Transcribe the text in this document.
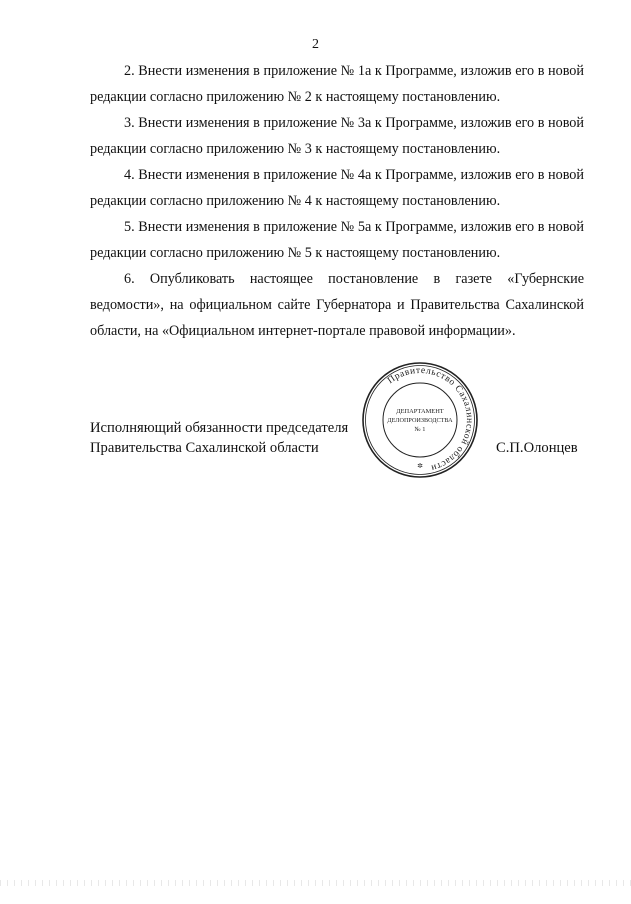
2

2. Внести изменения в приложение № 1а к Программе, изложив его в новой редакции согласно приложению № 2 к настоящему постановлению.

3. Внести изменения в приложение № 3а к Программе, изложив его в новой редакции согласно приложению № 3 к настоящему постановлению.

4. Внести изменения в приложение № 4а к Программе, изложив его в новой редакции согласно приложению № 4 к настоящему постановлению.

5. Внести изменения в приложение № 5а к Программе, изложив его в новой редакции согласно приложению № 5 к настоящему постановлению.

6. Опубликовать настоящее постановление в газете «Губернские ведомости», на официальном сайте Губернатора и Правительства Сахалинской области, на «Официальном интернет-портале правовой информации».

Правительство Сахалинской области
ДЕПАРТАМЕНТ
ДЕЛОПРОИЗВОДСТВА
№ 1
✲
Исполняющий обязанности председателя
Правительства Сахалинской области	С.П.Олонцев
